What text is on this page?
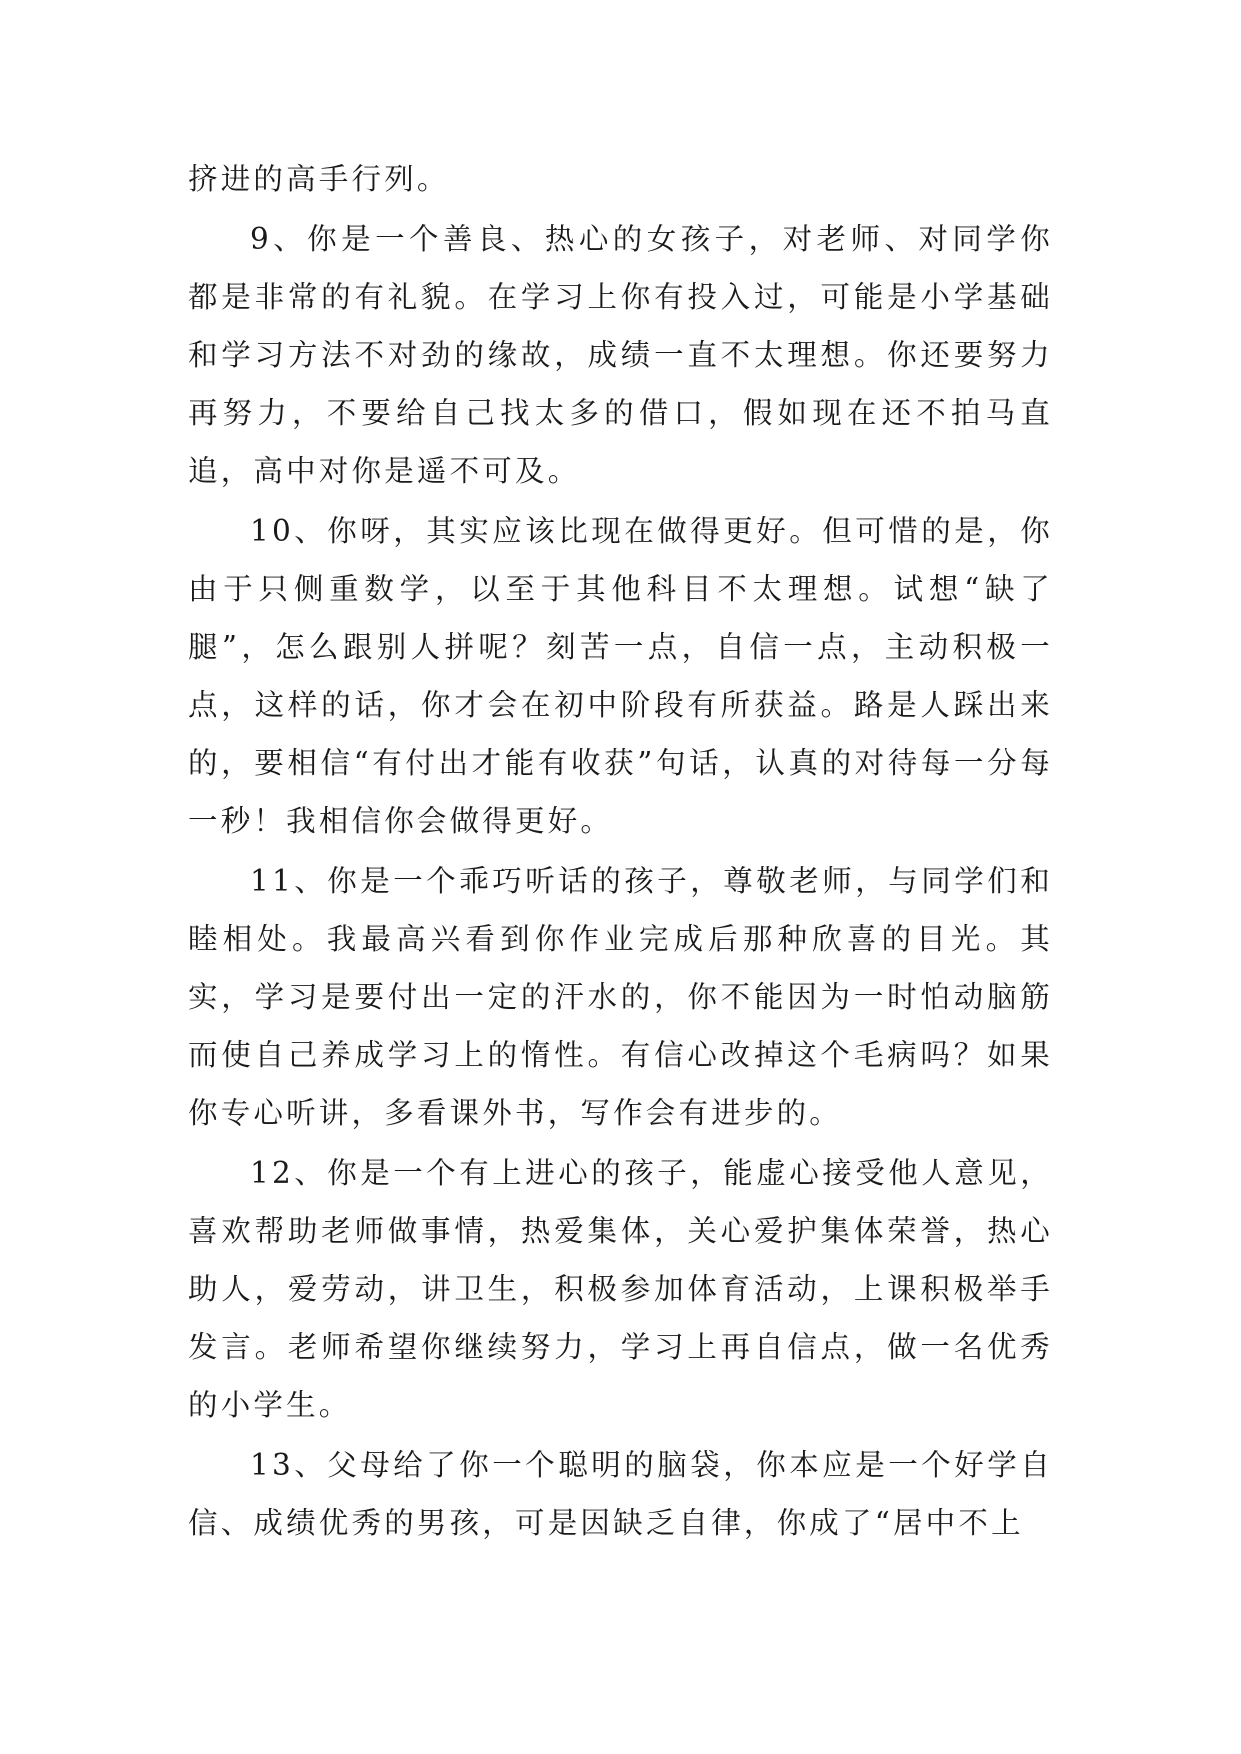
挤进的高手行列。

9、你是一个善良、热心的女孩子，对老师、对同学你都是非常的有礼貌。在学习上你有投入过，可能是小学基础和学习方法不对劲的缘故，成绩一直不太理想。你还要努力再努力，不要给自己找太多的借口，假如现在还不拍马直追，高中对你是遥不可及。

10、你呀，其实应该比现在做得更好。但可惜的是，你由于只侧重数学，以至于其他科目不太理想。试想“缺了腿”，怎么跟别人拼呢？刻苦一点，自信一点，主动积极一点，这样的话，你才会在初中阶段有所获益。路是人踩出来的，要相信“有付出才能有收获”句话，认真的对待每一分每一秒！我相信你会做得更好。

11、你是一个乖巧听话的孩子，尊敬老师，与同学们和睦相处。我最高兴看到你作业完成后那种欣喜的目光。其实，学习是要付出一定的汗水的，你不能因为一时怕动脑筋而使自己养成学习上的惰性。有信心改掉这个毛病吗？如果你专心听讲，多看课外书，写作会有进步的。

12、你是一个有上进心的孩子，能虚心接受他人意见，喜欢帮助老师做事情，热爱集体，关心爱护集体荣誉，热心助人，爱劳动，讲卫生，积极参加体育活动，上课积极举手发言。老师希望你继续努力，学习上再自信点，做一名优秀的小学生。

13、父母给了你一个聪明的脑袋，你本应是一个好学自信、成绩优秀的男孩，可是因缺乏自律，你成了“居中不上
